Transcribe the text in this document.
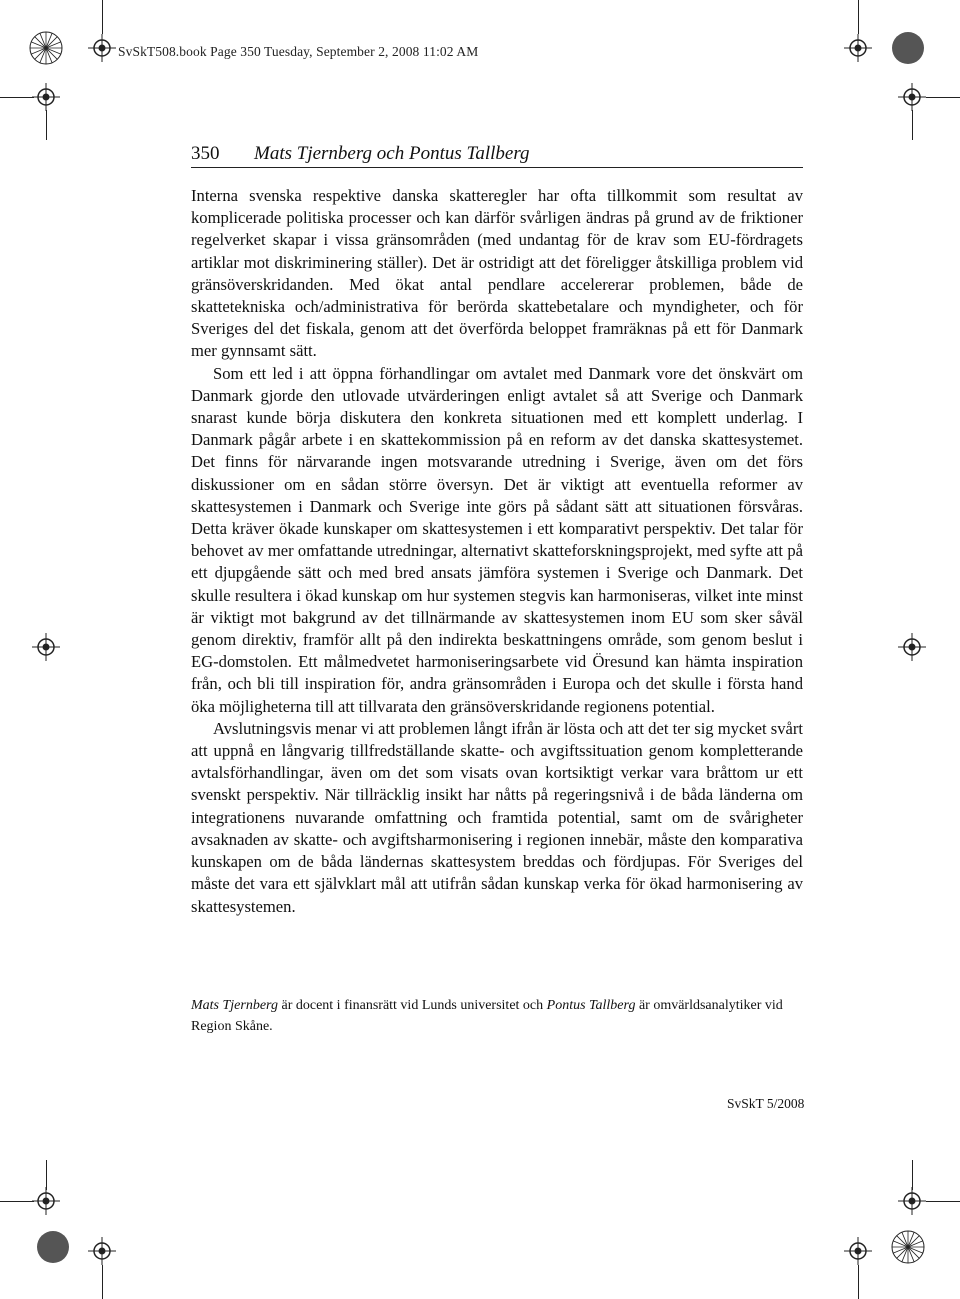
SvSkT508.book Page 350 Tuesday, September 2, 2008 11:02 AM
350 Mats Tjernberg och Pontus Tallberg

Interna svenska respektive danska skatteregler har ofta tillkommit som resultat av komplicerade politiska processer och kan därför svårligen ändras på grund av de friktioner regelverket skapar i vissa gränsområden (med undantag för de krav som EU-fördragets artiklar mot diskriminering ställer). Det är ostridigt att det föreligger åtskilliga problem vid gränsöverskridanden. Med ökat antal pendlare accelererar problemen, både de skattetekniska och/administrativa för berörda skattebetalare och myndigheter, och för Sveriges del det fiskala, genom att det överförda beloppet framräknas på ett för Danmark mer gynnsamt sätt.

Som ett led i att öppna förhandlingar om avtalet med Danmark vore det önskvärt om Danmark gjorde den utlovade utvärderingen enligt avtalet så att Sverige och Danmark snarast kunde börja diskutera den konkreta situationen med ett komplett underlag. I Danmark pågår arbete i en skattekommission på en reform av det danska skattesystemet. Det finns för närvarande ingen motsvarande utredning i Sverige, även om det förs diskussioner om en sådan större översyn. Det är viktigt att eventuella reformer av skattesystemen i Danmark och Sverige inte görs på sådant sätt att situationen försvåras. Detta kräver ökade kunskaper om skattesystemen i ett komparativt perspektiv. Det talar för behovet av mer omfattande utredningar, alternativt skatteforskningsprojekt, med syfte att på ett djupgående sätt och med bred ansats jämföra systemen i Sverige och Danmark. Det skulle resultera i ökad kunskap om hur systemen stegvis kan harmoniseras, vilket inte minst är viktigt mot bakgrund av det tillnärmande av skattesystemen inom EU som sker såväl genom direktiv, framför allt på den indirekta beskattningens område, som genom beslut i EG-domstolen. Ett målmedvetet harmoniseringsarbete vid Öresund kan hämta inspiration från, och bli till inspiration för, andra gränsområden i Europa och det skulle i första hand öka möjligheterna till att tillvarata den gränsöverskridande regionens potential.

Avslutningsvis menar vi att problemen långt ifrån är lösta och att det ter sig mycket svårt att uppnå en långvarig tillfredställande skatte- och avgiftssituation genom kompletterande avtalsförhandlingar, även om det som visats ovan kortsiktigt verkar vara bråttom ur ett svenskt perspektiv. När tillräcklig insikt har nåtts på regeringsnivå i de båda länderna om integrationens nuvarande omfattning och framtida potential, samt om de svårigheter avsaknaden av skatte- och avgiftsharmonisering i regionen innebär, måste den komparativa kunskapen om de båda ländernas skattesystem breddas och fördjupas. För Sveriges del måste det vara ett självklart mål att utifrån sådan kunskap verka för ökad harmonisering av skattesystemen.

Mats Tjernberg är docent i finansrätt vid Lunds universitet och Pontus Tallberg är omvärldsanalytiker vid Region Skåne.
SvSkT 5/2008
